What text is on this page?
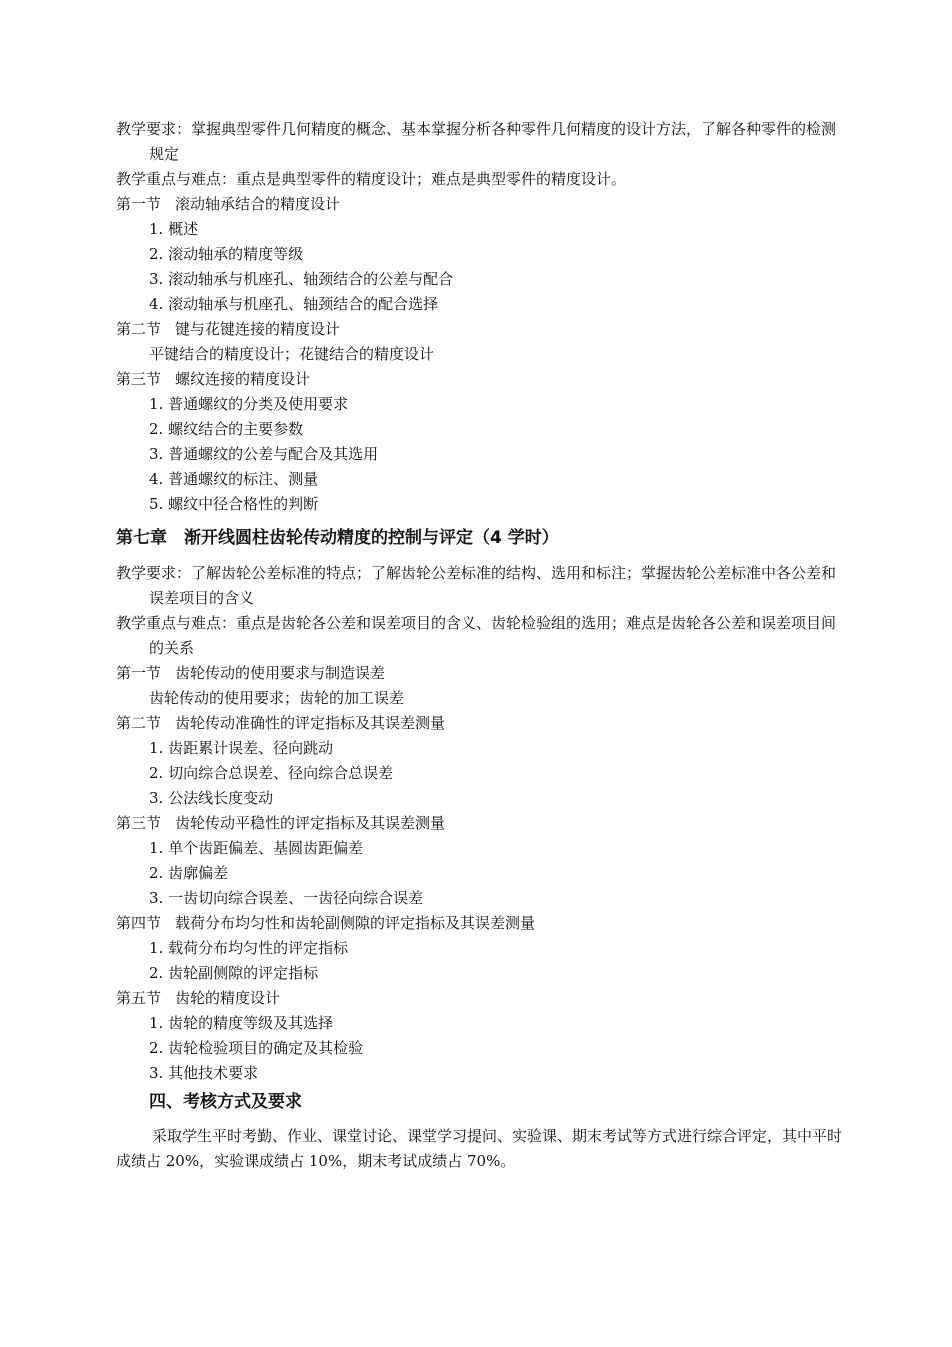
教学要求：掌握典型零件几何精度的概念、基本掌握分析各种零件几何精度的设计方法，了解各种零件的检测规定

教学重点与难点：重点是典型零件的精度设计；难点是典型零件的精度设计。

第一节 滚动轴承结合的精度设计

1. 概述

2. 滚动轴承的精度等级

3. 滚动轴承与机座孔、轴颈结合的公差与配合

4. 滚动轴承与机座孔、轴颈结合的配合选择

第二节 键与花键连接的精度设计

平键结合的精度设计；花键结合的精度设计

第三节 螺纹连接的精度设计

1. 普通螺纹的分类及使用要求

2. 螺纹结合的主要参数

3. 普通螺纹的公差与配合及其选用

4. 普通螺纹的标注、测量

5. 螺纹中径合格性的判断

第七章　渐开线圆柱齿轮传动精度的控制与评定（4 学时）

教学要求：了解齿轮公差标准的特点；了解齿轮公差标准的结构、选用和标注；掌握齿轮公差标准中各公差和误差项目的含义

教学重点与难点：重点是齿轮各公差和误差项目的含义、齿轮检验组的选用；难点是齿轮各公差和误差项目间的关系

第一节 齿轮传动的使用要求与制造误差

齿轮传动的使用要求；齿轮的加工误差

第二节 齿轮传动准确性的评定指标及其误差测量

1. 齿距累计误差、径向跳动

2. 切向综合总误差、径向综合总误差

3. 公法线长度变动

第三节 齿轮传动平稳性的评定指标及其误差测量

1. 单个齿距偏差、基圆齿距偏差

2. 齿廓偏差

3. 一齿切向综合误差、一齿径向综合误差

第四节 载荷分布均匀性和齿轮副侧隙的评定指标及其误差测量

1. 载荷分布均匀性的评定指标

2. 齿轮副侧隙的评定指标

第五节 齿轮的精度设计

1. 齿轮的精度等级及其选择

2. 齿轮检验项目的确定及其检验

3. 其他技术要求

四、考核方式及要求

采取学生平时考勤、作业、课堂讨论、课堂学习提问、实验课、期末考试等方式进行综合评定，其中平时成绩占 20%，实验课成绩占 10%，期末考试成绩占 70%。
